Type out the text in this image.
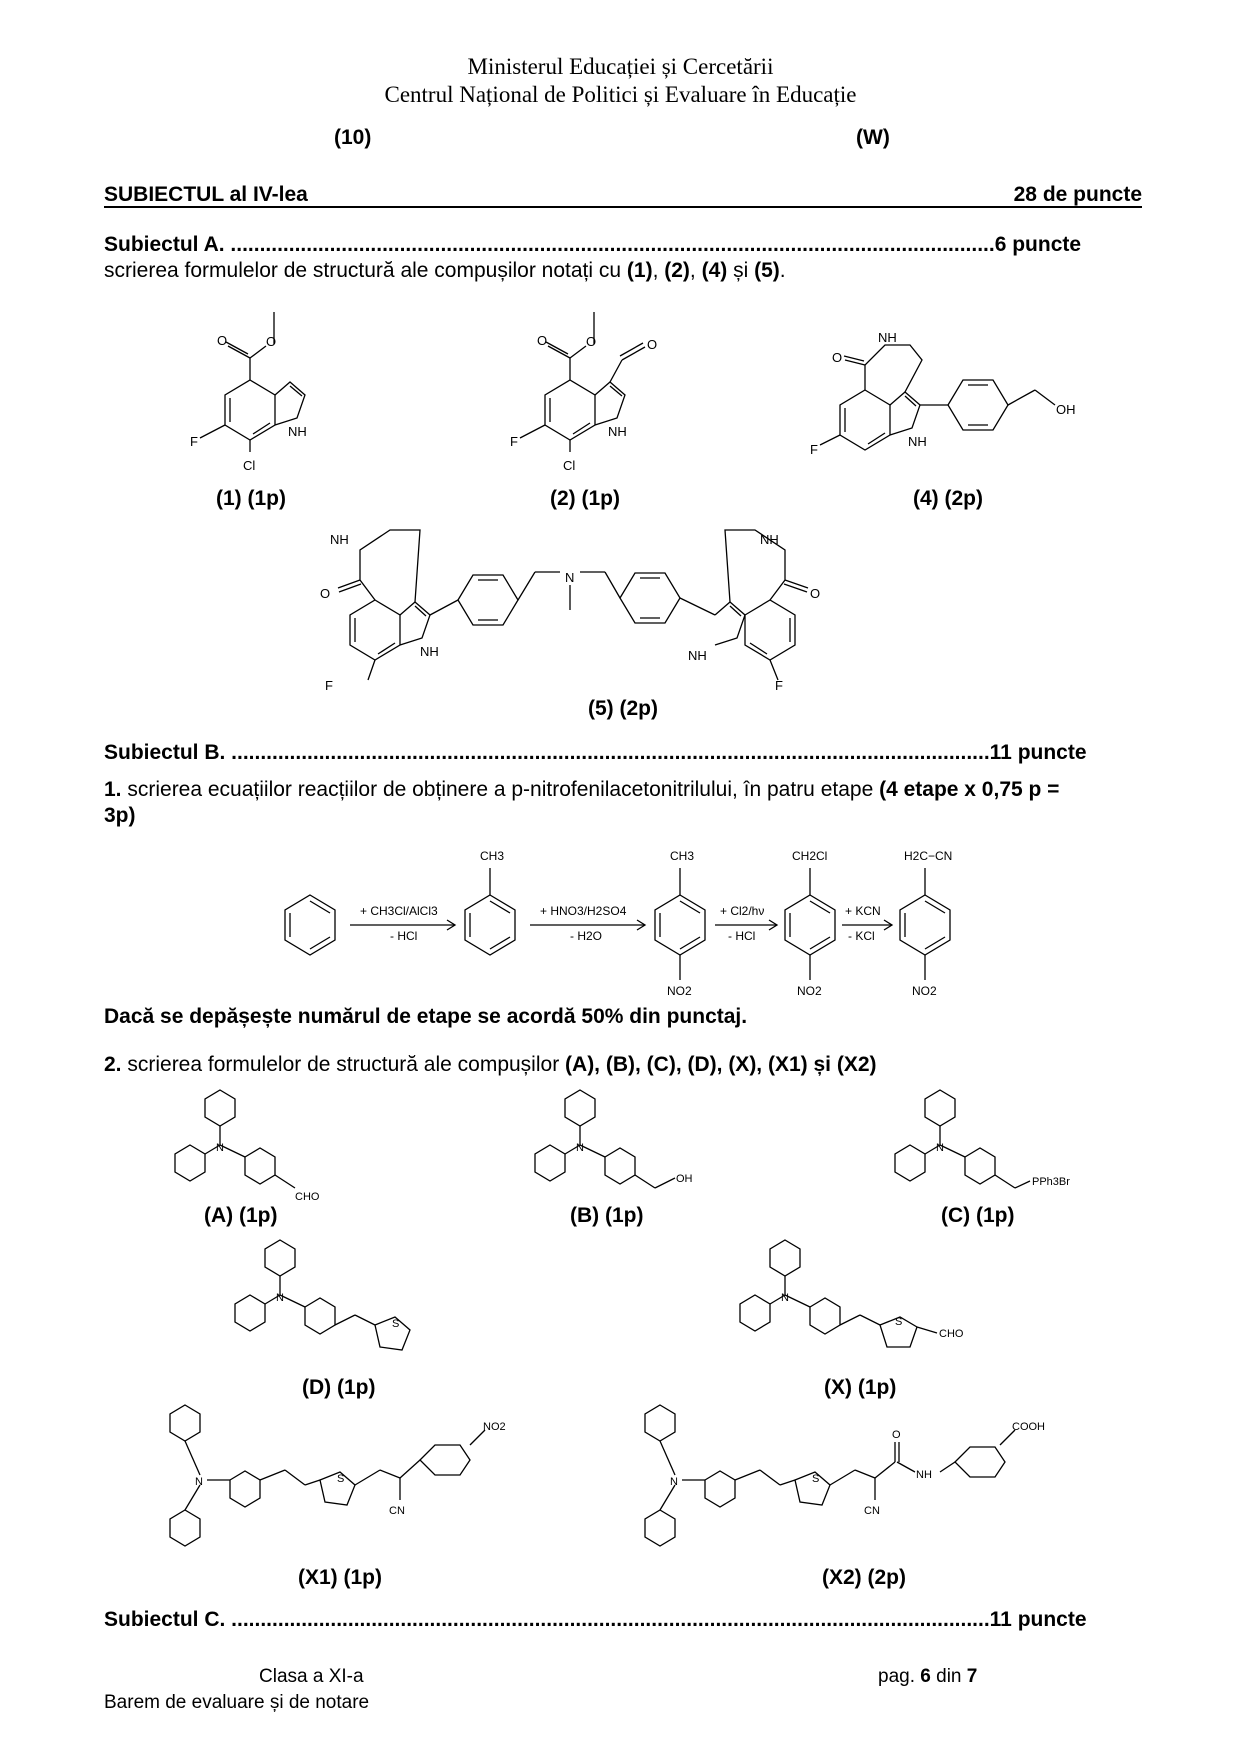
Ministerul Educației și Cercetării
Centrul Național de Politici și Evaluare în Educație
(10)	(W)
SUBIECTUL al IV-lea	28 de puncte
Subiectul A. ...................................................................................................................................6 puncte
scrierea formulelor de structură ale compușilor notați cu (1), (2), (4) și (5).
O	O
NH
F
Cl
(1) (1p)
O	O	O
NH
F
Cl
(2) (1p)
O
NH
NH
F
OH
(4) (2p)
NH
O
NH
F
N
NH
O
NH
F
(5) (2p)
Subiectul B. ..................................................................................................................................11 puncte
1. scrierea ecuațiilor reacțiilor de obținere a p-nitrofenilacetonitrilului, în patru etape (4 etape x 0,75 p =
3p)
+ CH3Cl/AlCl3
- HCl
+ HNO3/H2SO4
- H2O
+ Cl2/hν
- HCl
+ KCN
- KCl
CH3	CH3
NO2
CH2Cl
NO2
H2C−CN
NO2
Dacă se depășește numărul de etape se acordă 50% din punctaj.
2. scrierea formulelor de structură ale compușilor (A), (B), (C), (D), (X), (X1) și (X2)
N
CHO
(A) (1p)
N
OH
(B) (1p)
N
PPh3Br
(C) (1p)
N
S
(D) (1p)
N
S
CHO
(X) (1p)
N	S
CN
NO2
(X1) (1p)
N	S
CN
O
NH
COOH
(X2) (2p)
Subiectul C. ..................................................................................................................................11 puncte
Clasa a XI-a
Barem de evaluare și de notare
pag. 6 din 7
